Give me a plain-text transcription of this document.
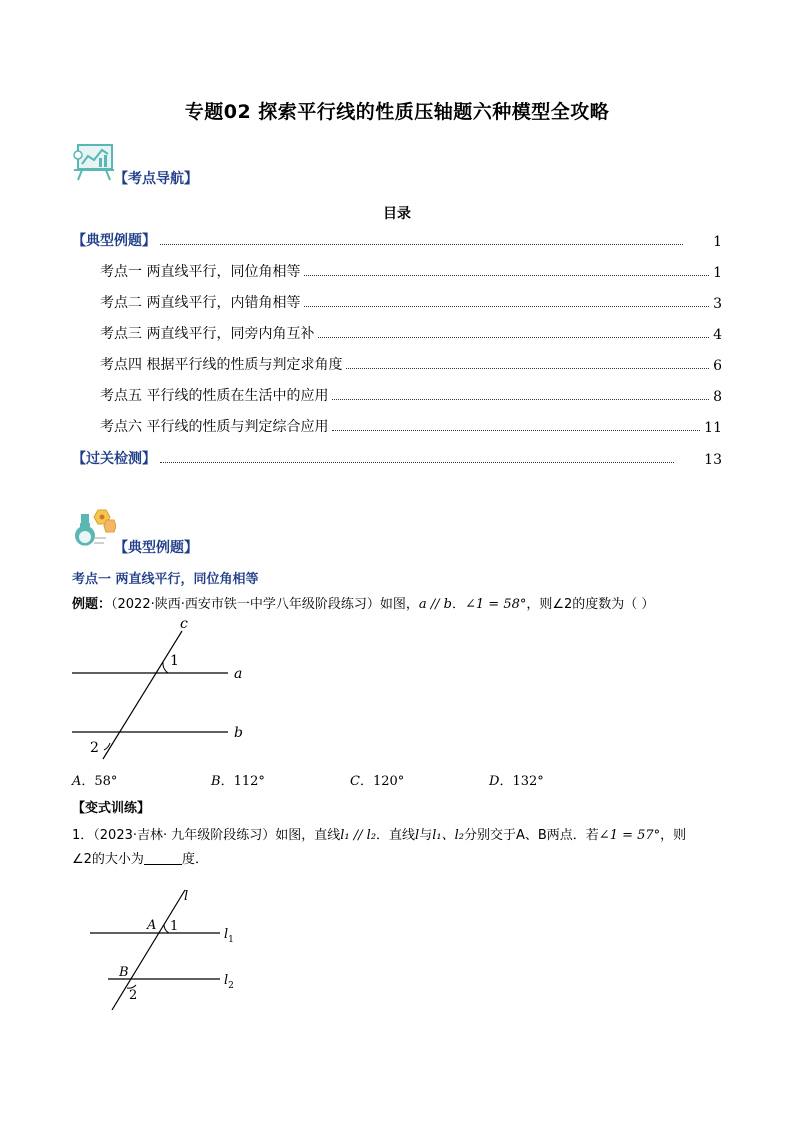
专题02 探索平行线的性质压轴题六种模型全攻略
【考点导航】
目录
【典型例题】	1
考点一 两直线平行，同位角相等	1
考点二 两直线平行，内错角相等	3
考点三 两直线平行，同旁内角互补	4
考点四 根据平行线的性质与判定求角度	6
考点五 平行线的性质在生活中的应用	8
考点六 平行线的性质与判定综合应用	11
【过关检测】	13
【典型例题】
考点一 两直线平行，同位角相等
例题：（2022·陕西·西安市铁一中学八年级阶段练习）如图，a // b．∠1 = 58°，则∠2的度数为（ ）
c
a
b
1
2
A．58°	B．112°	C．120°	D．132°
【变式训练】
1．（2023·吉林· 九年级阶段练习）如图，直线l₁ // l₂．直线l与l₁、l₂分别交于A、B两点．若∠1 = 57°，则
∠2的大小为	度．
l
A 1
B
2
$l_1$
$l_2$
